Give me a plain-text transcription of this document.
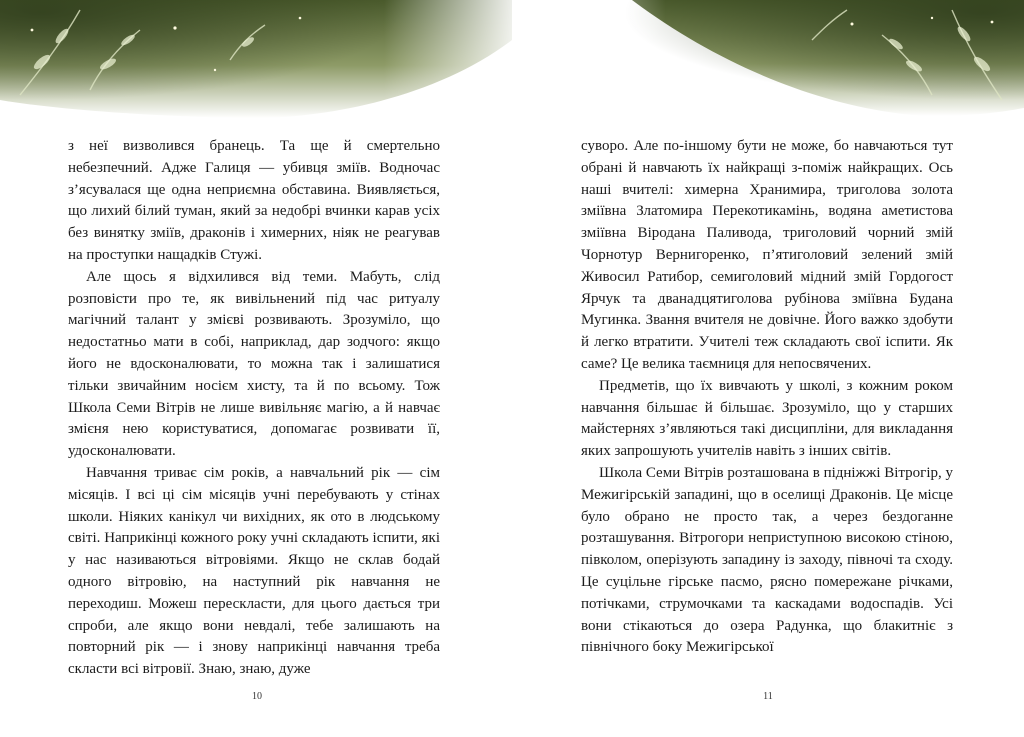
з неї визволився бранець. Та ще й смертельно небезпечний. Адже Галиця — убивця зміїв. Водночас з’ясувалася ще одна неприємна обставина. Виявляється, що лихий білий туман, який за недобрі вчинки карав усіх без винятку зміїв, драконів і химерних, ніяк не реагував на проступки нащадків Стужі.

Але щось я відхилився від теми. Мабуть, слід розповісти про те, як вивільнений під час ритуалу магічний талант у змієві розвивають. Зрозуміло, що недостатньо мати в собі, наприклад, дар зодчого: якщо його не вдосконалювати, то можна так і залишатися тільки звичайним носієм хисту, та й по всьому. Тож Школа Семи Вітрів не лише вивільняє магію, а й навчає змієня нею користуватися, допомагає розвивати її, удосконалювати.

Навчання триває сім років, а навчальний рік — сім місяців. І всі ці сім місяців учні перебувають у стінах школи. Ніяких канікул чи вихідних, як ото в людському світі. Наприкінці кожного року учні складають іспити, які у нас називаються вітровіями. Якщо не склав бодай одного вітровію, на наступний рік навчання не переходиш. Можеш перескласти, для цього дається три спроби, але якщо вони невдалі, тебе залишають на повторний рік — і знову наприкінці навчання треба скласти всі вітровії. Знаю, знаю, дуже

10

суворо. Але по-іншому бути не може, бо навчаються тут обрані й навчають їх найкращі з-поміж найкращих. Ось наші вчителі: химерна Хранимира, триголова золота змiївна Златомира Перекотикамінь, водяна аметистова змiївна Віродана Паливода, триголовий чорний змій Чорнотур Вернигоренко, п’ятиголовий зелений змій Живосил Ратибор, семиголовий мідний змій Гордогост Ярчук та дванадцятиголова рубінова змiївна Будана Мугинка. Звання вчителя не довічне. Його важко здобути й легко втратити. Учителі теж складають свої іспити. Як саме? Це велика таємниця для непосвячених.

Предметів, що їх вивчають у школі, з кожним роком навчання більшає й більшає. Зрозуміло, що у старших майстернях з’являються такі дисципліни, для викладання яких запрошують учителів навіть з інших світів.

Школа Семи Вітрів розташована в підніжжі Вітрогір, у Межигірській западині, що в оселищі Драконів. Це місце було обрано не просто так, а через бездоганне розташування. Вітрогори неприступною високою стіною, півколом, оперізують западину із заходу, півночі та сходу. Це суцільне гірське пасмо, рясно помережане річками, потічками, струмочками та каскадами водоспадів. Усі вони стікаються до озера Радунка, що блакитніє з північного боку Межигірської

11
